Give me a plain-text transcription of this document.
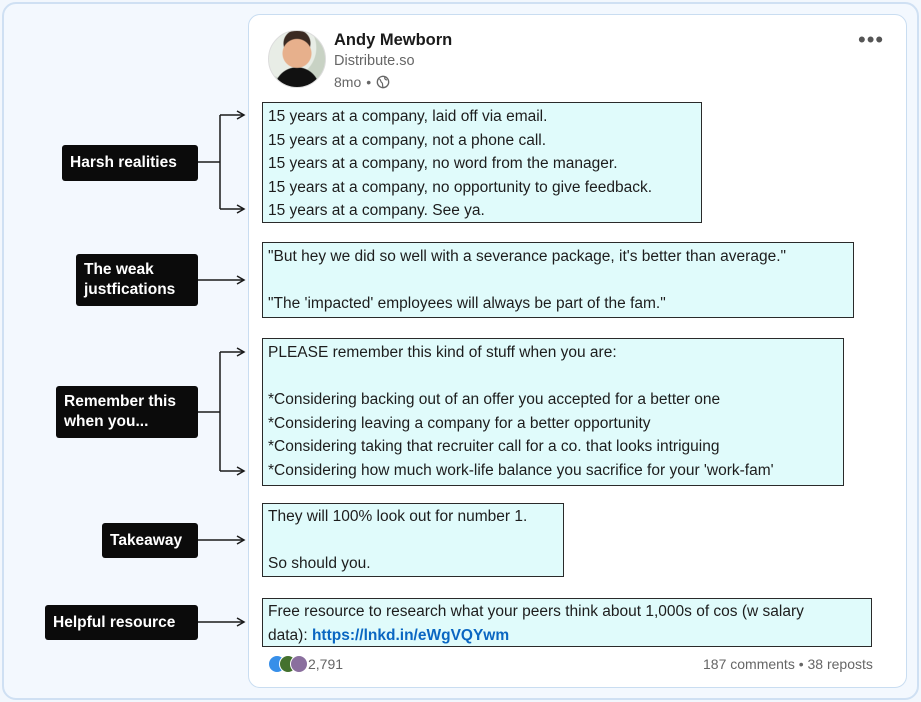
Andy Mewborn
Distribute.so
8mo •
•••
15 years at a company, laid off via email.
15 years at a company, not a phone call.
15 years at a company, no word from the manager.
15 years at a company, no opportunity to give feedback.
15 years at a company. See ya.
"But hey we did so well with a severance package, it's better than average."
"The 'impacted' employees will always be part of the fam."
PLEASE remember this kind of stuff when you are:
*Considering backing out of an offer you accepted for a better one
*Considering leaving a company for a better opportunity
*Considering taking that recruiter call for a co. that looks intriguing
*Considering how much work-life balance you sacrifice for your 'work-fam'
They will 100% look out for number 1.
So should you.
Free resource to research what your peers think about 1,000s of cos (w salary
data): https://lnkd.in/eWgVQYwm
Harsh realities
The weak
justfications
Remember this
when you...
Takeaway
Helpful resource
2,791	187 comments • 38 reposts
